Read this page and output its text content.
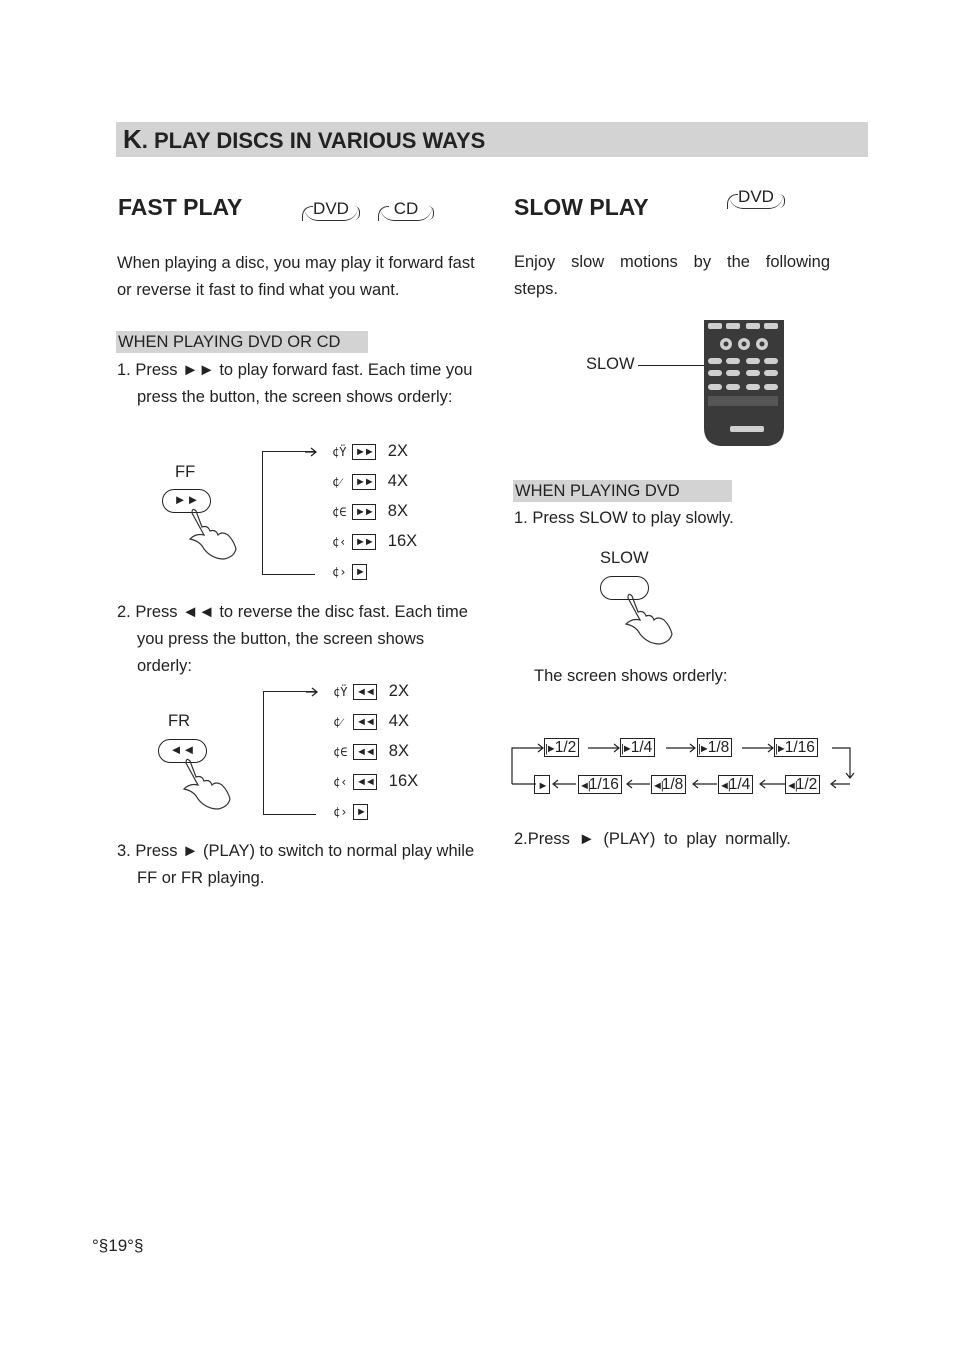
K. PLAY DISCS IN VARIOUS WAYS
FAST PLAY	DVD	CD
When playing a disc, you may play it forward fast or reverse it fast to find what you want.
WHEN PLAYING DVD OR CD
1. Press ►► to play forward fast. Each time you press the button, the screen shows orderly:
FF
►►
¢Ÿ ►► 2X
¢⁄ ►► 4X
¢∈ ►► 8X
¢‹ ►► 16X
¢› ►
2. Press ◄◄ to reverse the disc fast. Each time you press the button, the screen shows orderly:
FR
◄◄
¢Ÿ ◄◄ 2X
¢⁄ ◄◄ 4X
¢∈ ◄◄ 8X
¢‹ ◄◄ 16X
¢› ►
3. Press ► (PLAY) to switch to normal play while FF or FR playing.
SLOW PLAY	DVD
Enjoy slow motions by the following steps.
SLOW
WHEN PLAYING DVD
1. Press SLOW to play slowly.
SLOW
The screen shows orderly:
|►1/2	|►1/4	|►1/8	|►1/16
►	◄|1/16	◄|1/8	◄|1/4	◄|1/2
2.Press ► (PLAY) to play normally.
°§19°§
